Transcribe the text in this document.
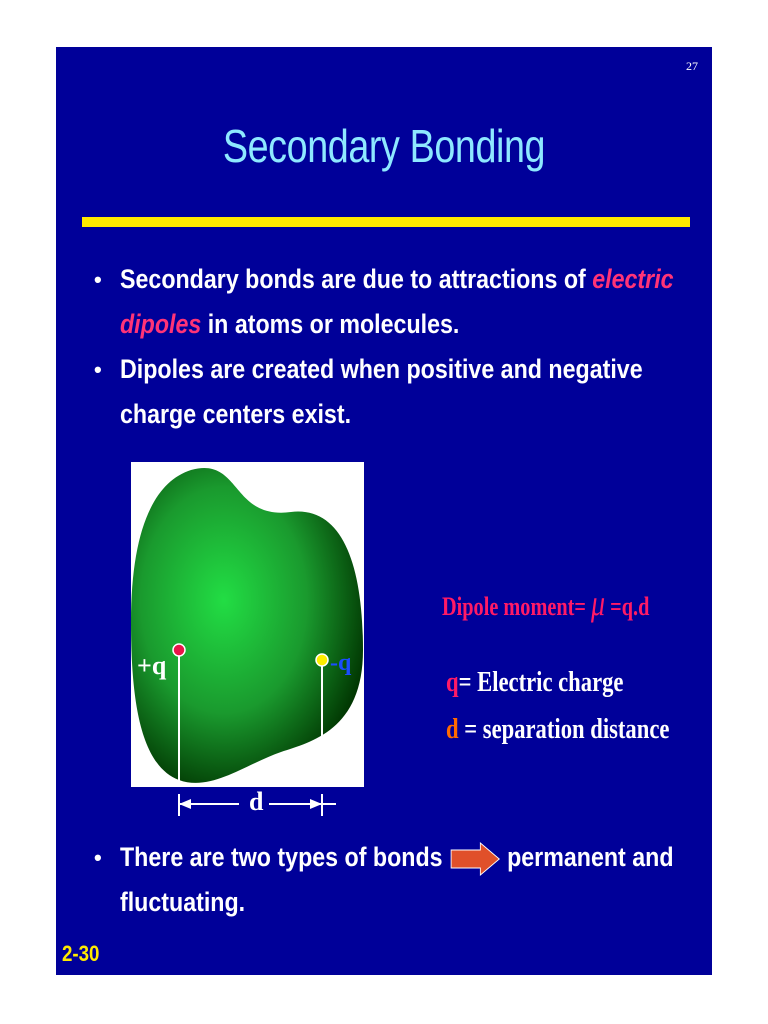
27
Secondary Bonding
• Secondary bonds are due to attractions of electric
dipoles in atoms or molecules.
• Dipoles are created when positive and negative
charge centers exist.
+q	-q
d
Dipole moment= μ =q.d
q= Electric charge
d = separation distance
• There are two types of bonds permanent and
fluctuating.
2-30
